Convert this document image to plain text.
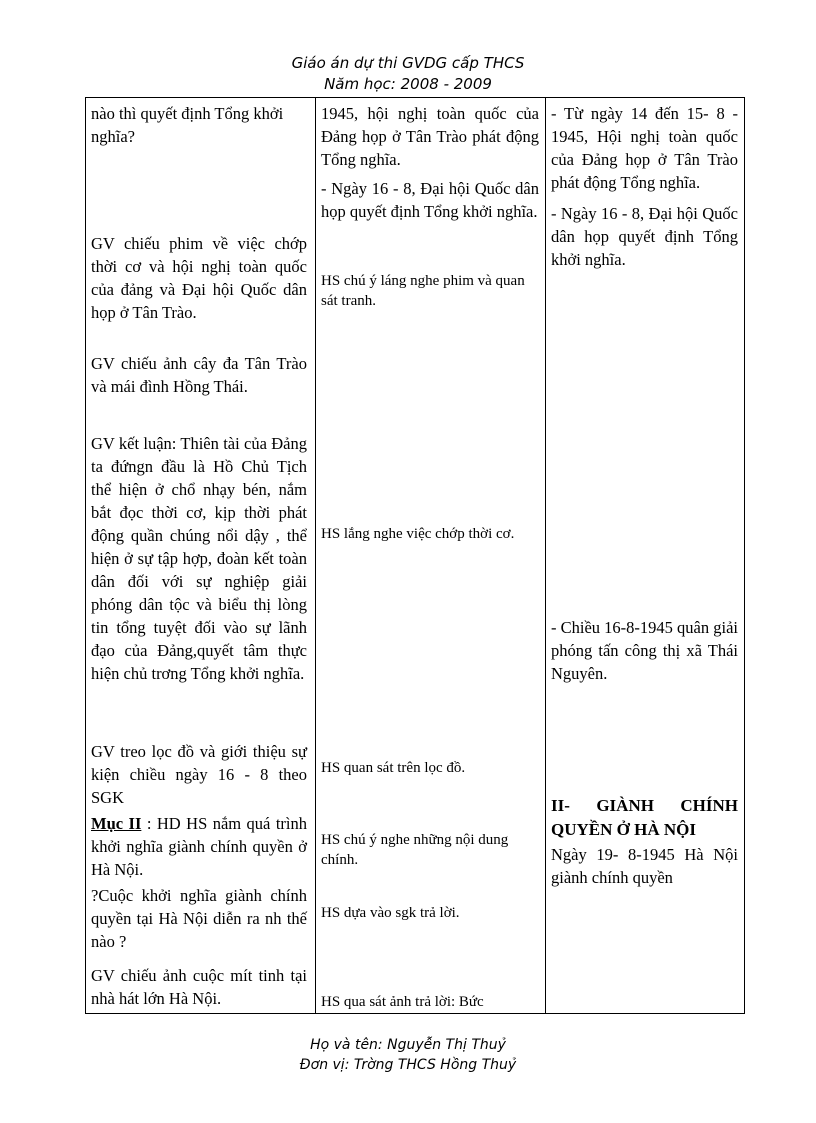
Giáo án dự thi GVDG cấp THCS
Năm học: 2008 - 2009

nào thì quyết định Tổng khởi nghĩa?

GV chiếu phim về việc chớp thời cơ và hội nghị toàn quốc của đảng và Đại hội Quốc dân họp ở Tân Trào.

GV chiếu ảnh cây đa Tân Trào và mái đình Hồng Thái.

GV kết luận: Thiên tài của Đảng ta đứngn đầu là Hồ Chủ Tịch thể hiện ở chổ nhạy bén, nắm bắt đọc thời cơ, kịp thời phát động quần chúng nổi dậy , thể hiện ở sự tập hợp, đoàn kết toàn dân đối với sự nghiệp giải phóng dân tộc và biểu thị lòng tin tổng tuyệt đối vào sự lãnh đạo của Đảng,quyết tâm thực hiện chủ trơng Tổng khởi nghĩa.

GV treo lọc đồ và giới thiệu sự kiện chiều ngày 16 - 8 theo SGK

Mục II : HD HS nắm quá trình khởi nghĩa giành chính quyền ở Hà Nội.

?Cuộc khởi nghĩa giành chính quyền tại Hà Nội diễn ra nh thế nào ?

GV chiếu ảnh cuộc mít tinh tại nhà hát lớn Hà Nội.

1945, hội nghị toàn quốc của Đảng họp ở Tân Trào phát động Tổng nghĩa.

- Ngày 16 - 8, Đại hội Quốc dân họp quyết định Tổng khởi nghĩa.

HS chú ý láng nghe phim và quan sát tranh.

HS lắng nghe việc chớp thời cơ.

HS quan sát trên lọc đồ.

HS chú ý nghe những nội dung chính.

HS dựa vào sgk trả lời.

HS qua sát ảnh trả lời: Bức

- Từ ngày 14 đến 15- 8 - 1945, Hội nghị toàn quốc của Đảng họp ở Tân Trào phát động Tổng nghĩa.

- Ngày 16 - 8, Đại hội Quốc dân họp quyết định Tổng khởi nghĩa.

- Chiều 16-8-1945 quân giải phóng tấn công thị xã Thái Nguyên.

II- GIÀNH CHÍNH QUYỀN Ở HÀ NỘI

Ngày 19- 8-1945 Hà Nội giành chính quyền

Họ và tên: Nguyễn Thị Thuỷ
Đơn vị: Trờng THCS Hồng Thuỷ
